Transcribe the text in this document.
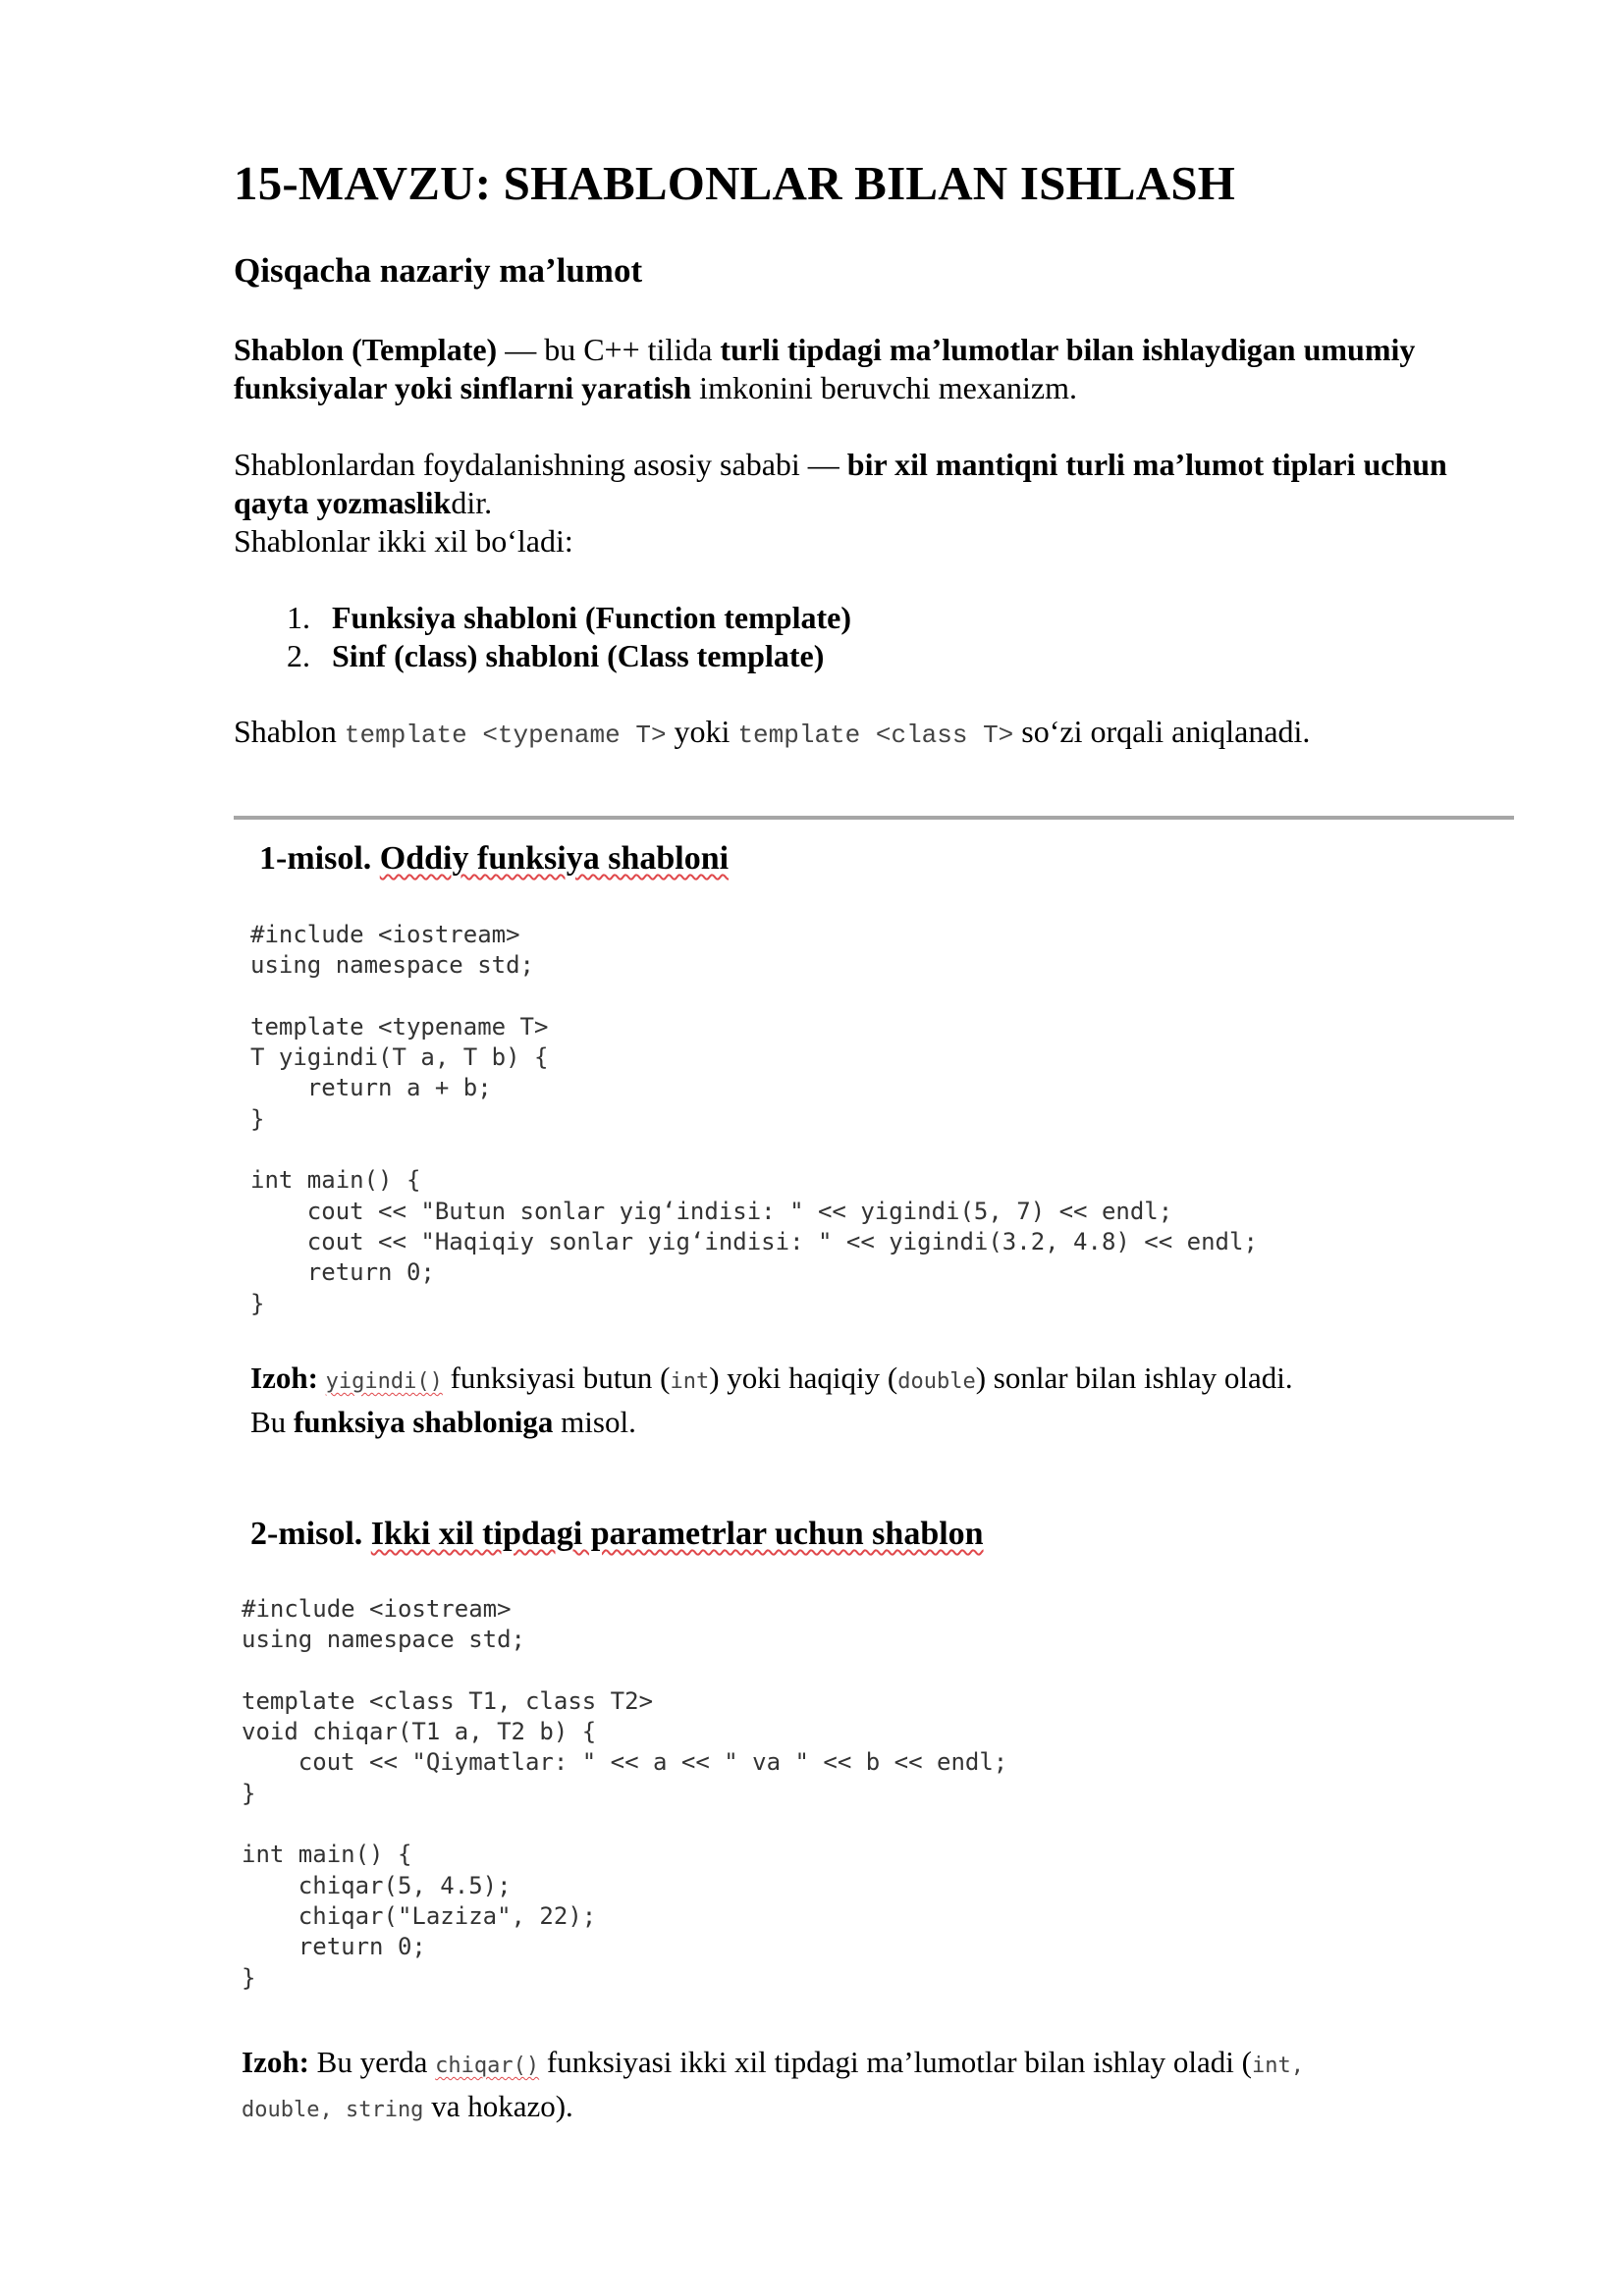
15-MAVZU: SHABLONLAR BILAN ISHLASH
Qisqacha nazariy ma’lumot

Shablon (Template) — bu C++ tilida turli tipdagi ma’lumotlar bilan ishlaydigan umumiy funksiyalar yoki sinflarni yaratish imkonini beruvchi mexanizm.

Shablonlardan foydalanishning asosiy sababi — bir xil mantiqni turli ma’lumot tiplari uchun qayta yozmaslikdir.

Shablonlar ikki xil bo‘ladi:

1. Funksiya shabloni (Function template)
2. Sinf (class) shabloni (Class template)

Shablon template <typename T> yoki template <class T> so‘zi orqali aniqlanadi.

1-misol. Oddiy funksiya shabloni
#include <iostream>
using namespace std;

template <typename T>
T yigindi(T a, T b) {
return a + b;
}

int main() {
cout << "Butun sonlar yig‘indisi: " << yigindi(5, 7) << endl;
cout << "Haqiqiy sonlar yig‘indisi: " << yigindi(3.2, 4.8) << endl;
return 0;
}
Izoh: yigindi() funksiyasi butun (int) yoki haqiqiy (double) sonlar bilan ishlay oladi.
Bu funksiya shabloniga misol.
2-misol. Ikki xil tipdagi parametrlar uchun shablon
#include <iostream>
using namespace std;

template <class T1, class T2>
void chiqar(T1 a, T2 b) {
cout << "Qiymatlar: " << a << " va " << b << endl;
}

int main() {
chiqar(5, 4.5);
chiqar("Laziza", 22);
return 0;
}
Izoh: Bu yerda chiqar() funksiyasi ikki xil tipdagi ma’lumotlar bilan ishlay oladi (int,
double, string va hokazo).
